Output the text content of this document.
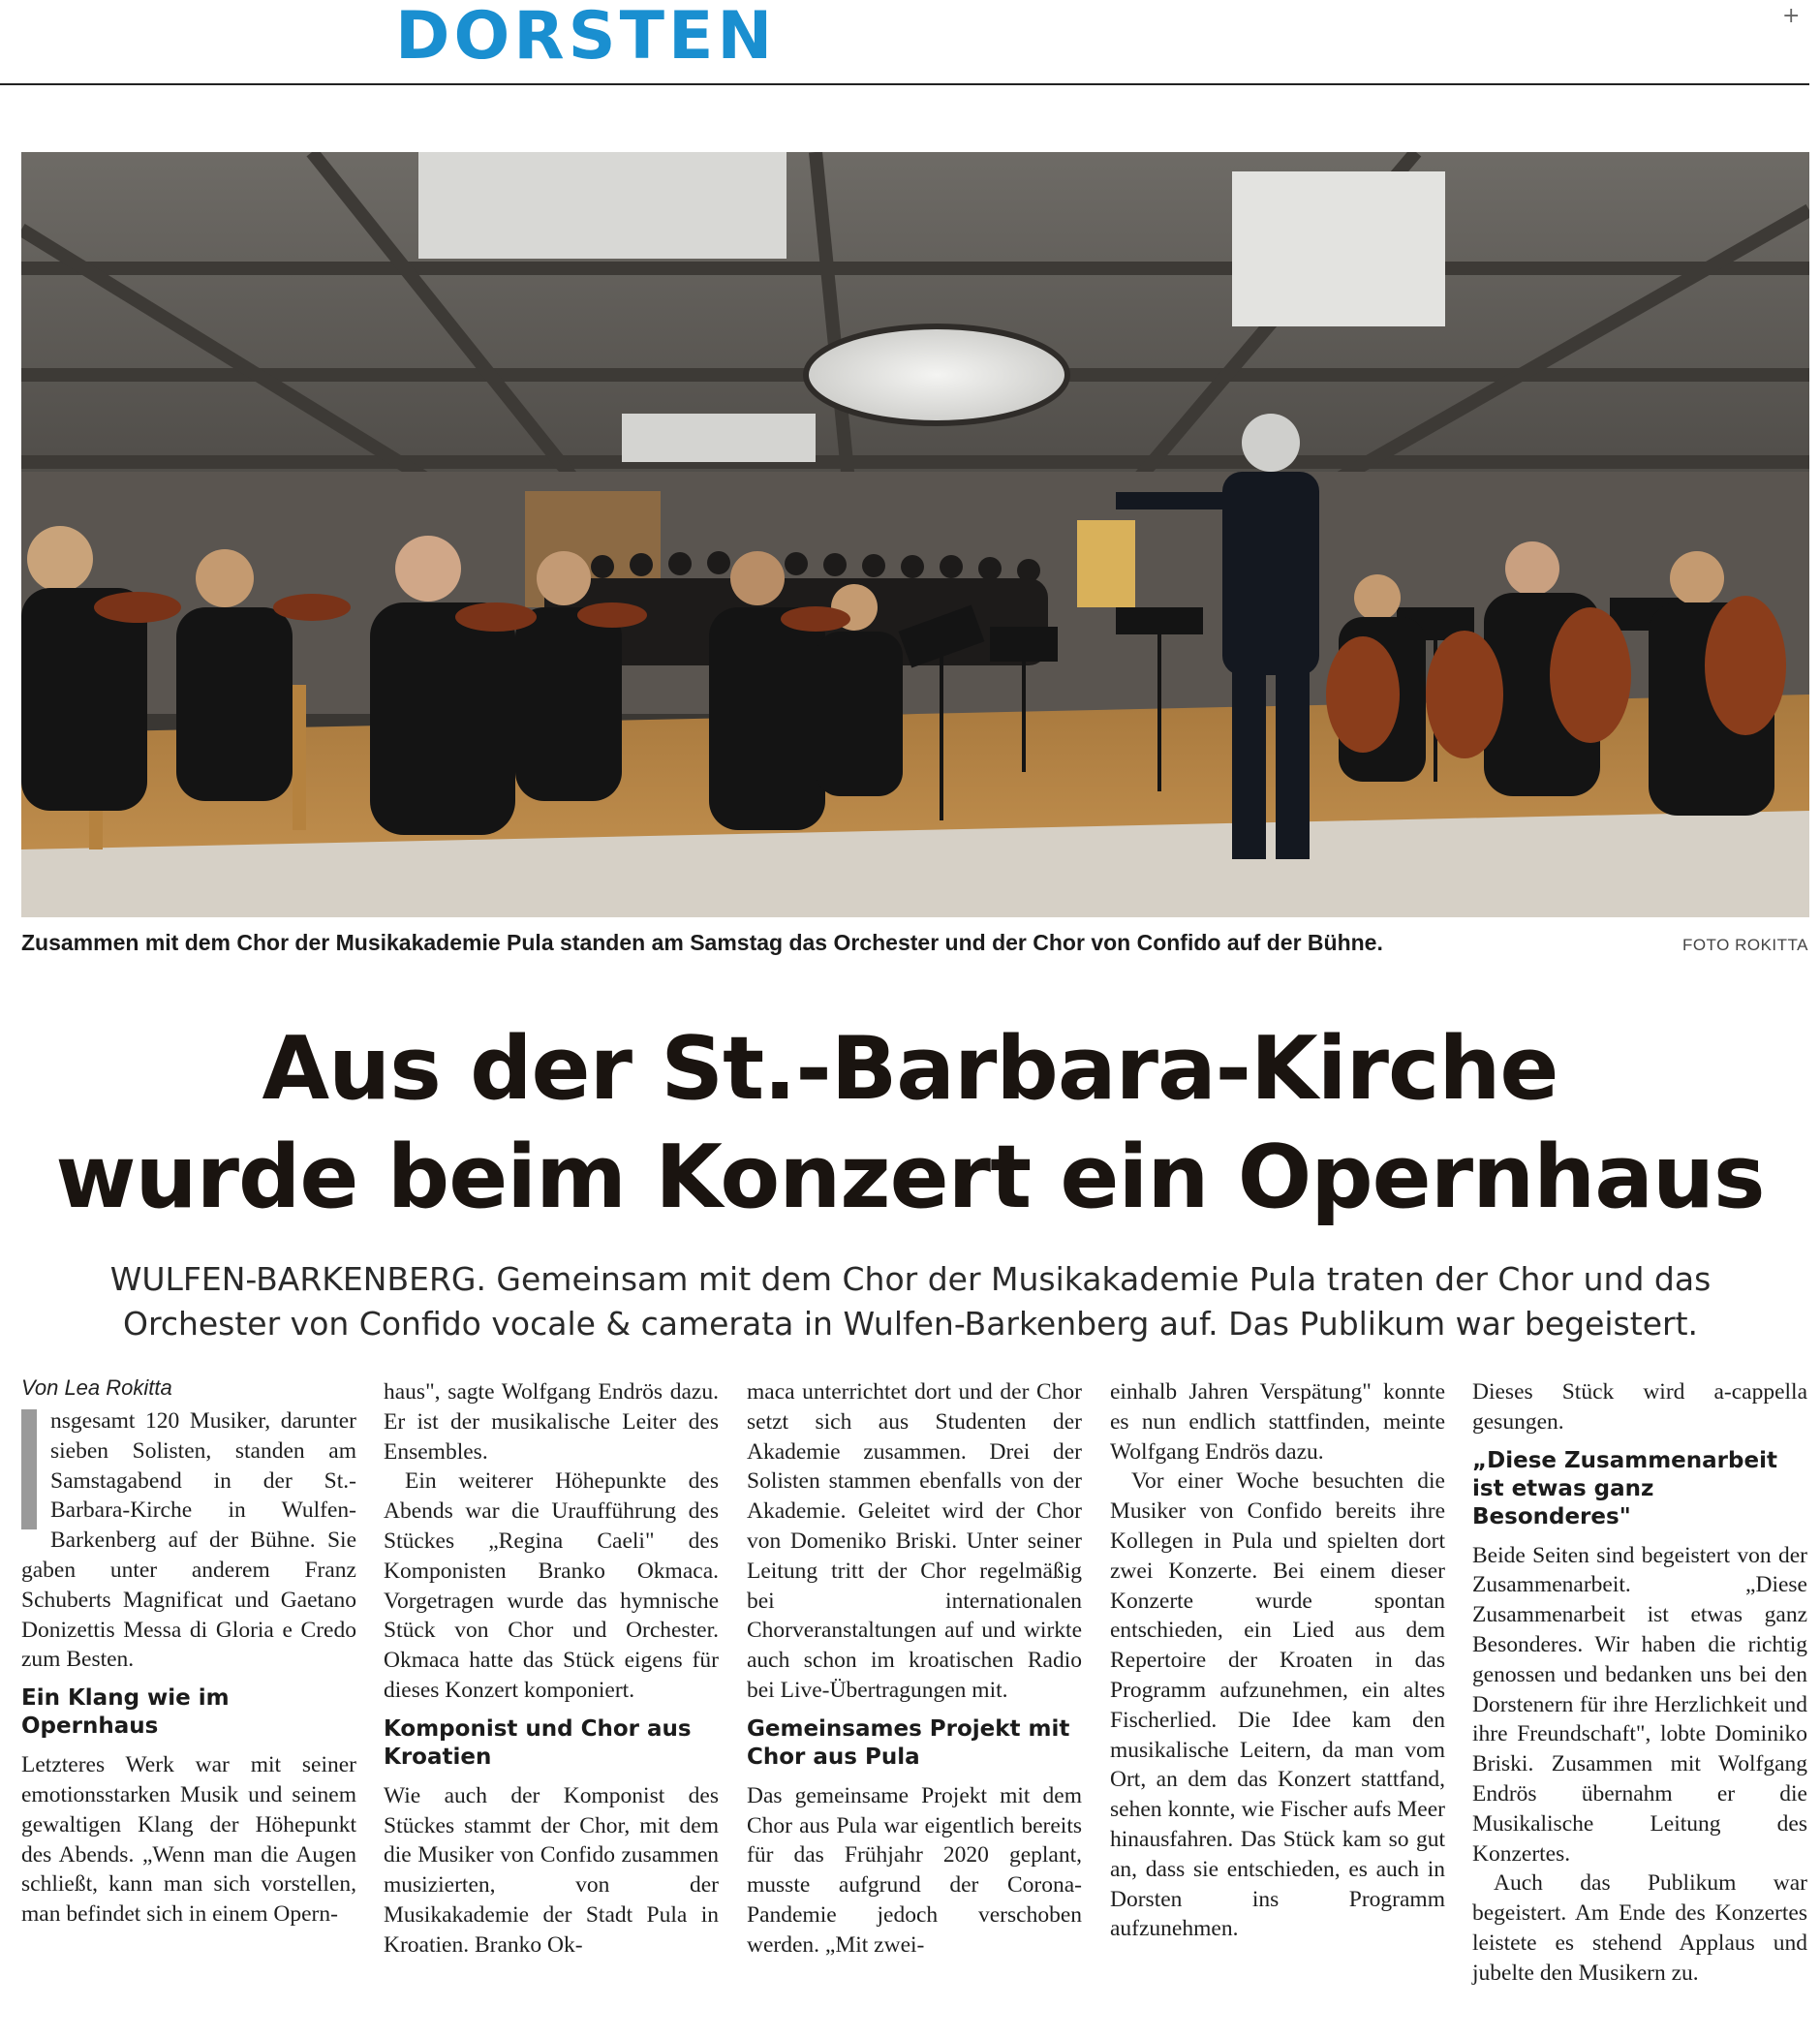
DORSTEN	+
Zusammen mit dem Chor der Musikakademie Pula standen am Samstag das Orchester und der Chor von Confido auf der Bühne.	FOTO ROKITTA
Aus der St.-Barbara-Kirche
wurde beim Konzert ein Opernhaus
WULFEN-BARKENBERG. Gemeinsam mit dem Chor der Musikakademie Pula traten der Chor und das
Orchester von Confido vocale & camerata in Wulfen-Barkenberg auf. Das Publikum war begeistert.
Von Lea Rokitta

nsgesamt 120 Musiker, darunter sieben Solisten, standen am Samstagabend in der St.-Barbara-Kirche in Wulfen-Barkenberg auf der Bühne. Sie gaben unter anderem Franz Schuberts Magnificat und Gaetano Donizettis Messa di Gloria e Credo zum Besten.

Ein Klang wie im Opernhaus

Letzteres Werk war mit seiner emotionsstarken Musik und seinem gewaltigen Klang der Höhepunkt des Abends. „Wenn man die Augen schließt, kann man sich vorstellen, man befindet sich in einem Opern-

haus", sagte Wolfgang Endrös dazu. Er ist der musikalische Leiter des Ensembles.

Ein weiterer Höhepunkte des Abends war die Uraufführung des Stückes „Regina Caeli" des Komponisten Branko Okmaca. Vorgetragen wurde das hymnische Stück von Chor und Orchester. Okmaca hatte das Stück eigens für dieses Konzert komponiert.

Komponist und Chor aus Kroatien

Wie auch der Komponist des Stückes stammt der Chor, mit dem die Musiker von Confido zusammen musizierten, von der Musikakademie der Stadt Pula in Kroatien. Branko Ok-

maca unterrichtet dort und der Chor setzt sich aus Studenten der Akademie zusammen. Drei der Solisten stammen ebenfalls von der Akademie. Geleitet wird der Chor von Domeniko Briski. Unter seiner Leitung tritt der Chor regelmäßig bei internationalen Chorveranstaltungen auf und wirkte auch schon im kroatischen Radio bei Live-Übertragungen mit.

Gemeinsames Projekt mit Chor aus Pula

Das gemeinsame Projekt mit dem Chor aus Pula war eigentlich bereits für das Frühjahr 2020 geplant, musste aufgrund der Corona-Pandemie jedoch verschoben werden. „Mit zwei-

einhalb Jahren Verspätung" konnte es nun endlich stattfinden, meinte Wolfgang Endrös dazu.

Vor einer Woche besuchten die Musiker von Confido bereits ihre Kollegen in Pula und spielten dort zwei Konzerte. Bei einem dieser Konzerte wurde spontan entschieden, ein Lied aus dem Repertoire der Kroaten in das Programm aufzunehmen, ein altes Fischerlied. Die Idee kam den musikalische Leitern, da man vom Ort, an dem das Konzert stattfand, sehen konnte, wie Fischer aufs Meer hinausfahren. Das Stück kam so gut an, dass sie entschieden, es auch in Dorsten ins Programm aufzunehmen.

Dieses Stück wird a-cappella gesungen.

„Diese Zusammenarbeit ist etwas ganz Besonderes"

Beide Seiten sind begeistert von der Zusammenarbeit. „Diese Zusammenarbeit ist etwas ganz Besonderes. Wir haben die richtig genossen und bedanken uns bei den Dorstenern für ihre Herzlichkeit und ihre Freundschaft", lobte Dominiko Briski. Zusammen mit Wolfgang Endrös übernahm er die Musikalische Leitung des Konzertes.

Auch das Publikum war begeistert. Am Ende des Konzertes leistete es stehend Applaus und jubelte den Musikern zu.
